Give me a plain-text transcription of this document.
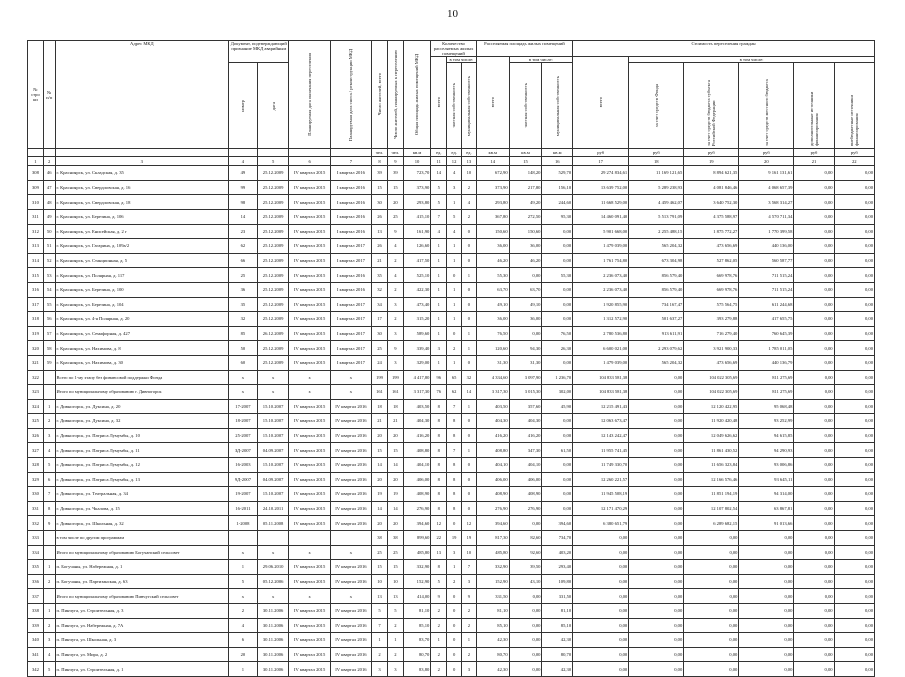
10
№ стро ки	№ п/п	Адрес МКД	Документ, подтверждающий признание МКД аварийным		Планируемая дата окончания переселения	Планируемая дата сноса / реконструкции МКД	Число жителей, всего	Число жителей, планируемых к переселению	Общая площадь жилых помещений МКД	Количество расселяемых жилых помещений			Расселяемая площадь жилых помещений			Стоимость переселения граждан					

										всего	в том числе:		всего	в том числе:		всего	в том числе:				

			номер	дата							частная собственность	муниципальная собственность		частная собственность	муниципальная собственность		за счет средств Фонда	за счет средств бюджета субъекта Российской Федерации	за счет средств местного бюджета	дополнительные источники финансирования	внебюджетные источники финансирования

							чел.	чел.	кв.м	ед.	ед.	ед.	кв.м	кв.м	кв.м	руб	руб	руб	руб	руб	руб
1	2	3	4	5	6	7	8	9	10	11	12	13	14	15	16	17	18	19	20	21	22
308	46	г. Красноярск, ул. Складская, д. 35	49	25.12.2009	IV квартал 2015	I квартал 2016	39	39	723,70	14	4	10	672,90	148,20	529,70	29 274 834,61	11 169 121,65	8 894 621,35	9 161 131,61	0,00	0,00
309	47	г. Красноярск, ул. Свердловская, д. 16	99	25.12.2009	IV квартал 2015	I квартал 2016	15	15	373,90	5	3	2	373,90	217,80	156,10	13 639 752,00	5 289 238,93	4 081 846,46	4 068 657,39	0,00	0,00
310	48	г. Красноярск, ул. Свердловская, д. 18	98	25.12.2009	IV квартал 2015	I квартал 2016	30	20	293,80	5	1	4	293,80	49,20	244,60	11 668 529,00	4 459 462,07	3 640 752,30	3 568 314,27	0,00	0,00
311	49	г. Красноярск, ул. Березина, д. 106	14	25.12.2009	IV квартал 2015	I квартал 2016	26	25	415,10	7	5	2	367,80	272,50	95,30	14 460 091,40	5 513 791,09	4 375 588,97	4 570 711,34	0,00	0,00
312	50	г. Красноярск, ул. Енисейская, д. 2 г	23	25.12.2009	IV квартал 2015	I квартал 2016	13	9	161,90	4	4	0	150,60	150,60	0,00	5 901 668,00	2 255 488,15	1 875 772,27	1 770 399,58	0,00	0,00
313	51	г. Красноярск, ул. Гагарина, д. 109а/2	62	25.12.2009	IV квартал 2015	I квартал 2017	26	4	126,60	1	1	0	36,00	36,00	0,00	1 479 039,00	565 204,32	473 656,69	440 136,00	0,00	0,00
314	52	г. Красноярск, ул. Станционная, д. 5	66	25.12.2009	IV квартал 2015	I квартал 2017	21	2	417,50	1	1	0	46,20	46,20	0,00	1 761 754,80	673 304,98	527 862,05	560 587,77	0,00	0,00
315	53	г. Красноярск, ул. Полярная, д. 117	25	25.12.2009	IV квартал 2015	I квартал 2016	35	4	525,10	1	0	1	55,30	0,00	55,30	2 236 073,40	856 579,40	669 978,76	711 515,24	0,00	0,00
316	54	г. Красноярск, ул. Березина, д. 100	36	25.12.2009	IV квартал 2015	I квартал 2016	32	2	422,30	1	1	0	63,70	63,70	0,00	2 236 073,40	856 579,40	669 978,76	711 515,24	0,00	0,00
317	55	г. Красноярск, ул. Березина, д. 104	35	25.12.2009	IV квартал 2015	I квартал 2017	34	3	473,40	1	1	0	49,10	49,10	0,00	1 920 855,90	734 167,47	575 564,75	611 244,68	0,00	0,00
318	56	г. Красноярск, ул. 4-я Полярная, д. 20	32	25.12.2009	IV квартал 2015	I квартал 2017	17	2	315,20	1	1	0	36,00	36,00	0,00	1 312 572,90	501 637,27	393 279,88	417 655,75	0,00	0,00
319	57	г. Красноярск, ул. Семафорная, д. 427	85	26.12.2009	IV квартал 2015	I квартал 2017	30	3	589,60	1	0	1	76,50	0,00	76,50	2 780 536,80	913 611,91	716 279,40	760 645,39	0,00	0,00
320	58	г. Красноярск, ул. Нахимова, д. 8	50	25.12.2009	IV квартал 2015	I квартал 2017	25	9	339,40	3	2	1	120,60	94,30	26,30	6 600 021,00	2 293 079,62	3 921 900,33	1 785 011,05	0,00	0,00
321	59	г. Красноярск, ул. Нахимова, д. 30	60	25.12.2009	IV квартал 2015	I квартал 2017	24	3	329,00	1	1	0	31,30	31,30	0,00	1 479 039,00	565 204,32	473 656,69	440 136,79	0,00	0,00
322		Всего по 1-му этапу без финансовой поддержки Фонда	x	x	x	x	199	199	4 417,80	96	65	32	4 334,60	3 097,90	1 236,70	104 833 581,38	0,00	104 022 305,69	811 275,69	0,00	0,00
323		Итого по муниципальному образованию г. Дивногорск	x	x	x	x	161	161	3 317,30	76	62	14	3 317,30	3 015,30	302,00	104 833 581,38	0,00	104 022 305,69	811 275,69	0,00	0,00
324	1	г. Дивногорск, ул. Дуксина, д. 20	17-2007	15.10.2007	IV квартал 2015	IV квартал 2016	18	18	403,50	8	7	1	403,50	357,60	45,90	12 215 491,43	0,00	12 120 422,95	95 068,48	0,00	0,00
325	2	г. Дивногорск, ул. Дуксина, д. 32	18-2007	15.10.2007	IV квартал 2015	IV квартал 2016	21	21	404,30	8	8	0	404,30	404,30	0,00	12 063 673,47	0,00	11 920 420,48	93 252,99	0,00	0,00
326	3	г. Дивногорск, ул. Патриса Лумумбы, д. 10	25-2007	15.10.2007	IV квартал 2015	IV квартал 2016	20	20	416,20	8	8	0	416,20	416,20	0,00	12 143 242,47	0,00	12 049 626,62	94 615,85	0,00	0,00
327	4	г. Дивногорск, ул. Патриса Лумумбы, д. 11	ЗД-2007	04.09.2007	IV квартал 2015	IV квартал 2016	15	15	408,80	8	7	1	408,80	347,30	61,50	11 955 741,45	0,00	11 861 430,52	94 290,93	0,00	0,00
328	5	г. Дивногорск, ул. Патриса Лумумбы, д. 12	16-2003	15.10.2007	IV квартал 2015	IV квартал 2016	14	14	404,10	8	8	0	404,10	404,10	0,00	11 749 330,70	0,00	11 656 323,84	93 006,86	0,00	0,00
329	6	г. Дивногорск, ул. Патриса Лумумбы, д. 13	9Д-2007	04.09.2007	IV квартал 2015	IV квартал 2016	20	20	406,00	8	8	0	406,00	406,00	0,00	12 260 221,57	0,00	12 166 576,46	93 645,11	0,00	0,00
330	7	г. Дивногорск, ул. Театральная, д. 34	19-2007	15.10.2007	IV квартал 2015	IV квартал 2016	19	19	408,90	8	8	0	408,90	408,90	0,00	11 945 508,19	0,00	11 851 194,19	94 314,00	0,00	0,00
331	8	г. Дивногорск, ул. Чкалова, д. 15	16-2011	24.10.2011	IV квартал 2015	IV квартал 2016	14	14	276,90	8	8	0	276,90	276,90	0,00	12 171 470,29	0,00	12 107 802,54	63 867,81	0,00	0,00
332	9	г. Дивногорск, ул. Школьная, д. 32	1-2008	05.11.2008	IV квартал 2015	IV квартал 2016	20	20	394,60	12	0	12	394,60	0,00	394,60	6 380 651,79	0,00	6 289 682,15	91 013,66	0,00	0,00
333		в том числе по другим программам					38	38	899,60	22	19	19	817,30	82,60	734,70	0,00	0,00	0,00	0,00	0,00	0,00
334		Итого по муниципальному образованию Богучанский сельсовет	x	x	x	x	25	25	485,80	13	3	10	485,80	92,60	403,20	0,00	0,00	0,00	0,00	0,00	0,00
335	1	п. Богучаны, ул. Набережная, д. 1	1	29.06.2010	IV квартал 2015	IV квартал 2016	15	15	332,90	8	1	7	332,90	39,50	293,40	0,00	0,00	0,00	0,00	0,00	0,00
336	2	п. Богучаны, ул. Партизанская, д. 63	5	05.12.2006	IV квартал 2015	IV квартал 2016	10	10	152,90	5	2	3	152,90	43,10	109,80	0,00	0,00	0,00	0,00	0,00	0,00
337		Итого по муниципальному образованию Пинчугский сельсовет	x	x	x	x	13	13	414,00	9	0	9	331,50	0,00	331,50	0,00	0,00	0,00	0,00	0,00	0,00
338	1	п. Пинчуга, ул. Строительная, д. 3	2	30.11.2006	IV квартал 2015	IV квартал 2016	5	5	81,10	2	0	2	81,10	0,00	81,10	0,00	0,00	0,00	0,00	0,00	0,00
339	2	п. Пинчуга, ул. Набережная, д. 7А	4	30.11.2006	IV квартал 2015	IV квартал 2016	7	2	85,10	2	0	2	85,10	0,00	85,10	0,00	0,00	0,00	0,00	0,00	0,00
340	3	п. Пинчуга, ул. Школьная, д. 3	6	30.11.2006	IV квартал 2015	IV квартал 2016	1	1	83,70	1	0	1	42,30	0,00	42,30	0,00	0,00	0,00	0,00	0,00	0,00
341	4	п. Пинчуга, ул. Мира, д. 2	20	30.11.2006	IV квартал 2015	IV квартал 2016	2	2	80,70	2	0	2	80,70	0,00	80,70	0,00	0,00	0,00	0,00	0,00	0,00
342	5	п. Пинчуга, ул. Строительная, д. 1	1	30.11.2006	IV квартал 2015	IV квартал 2016	3	3	83,80	2	0	3	42,30	0,00	42,30	0,00	0,00	0,00	0,00	0,00	0,00
